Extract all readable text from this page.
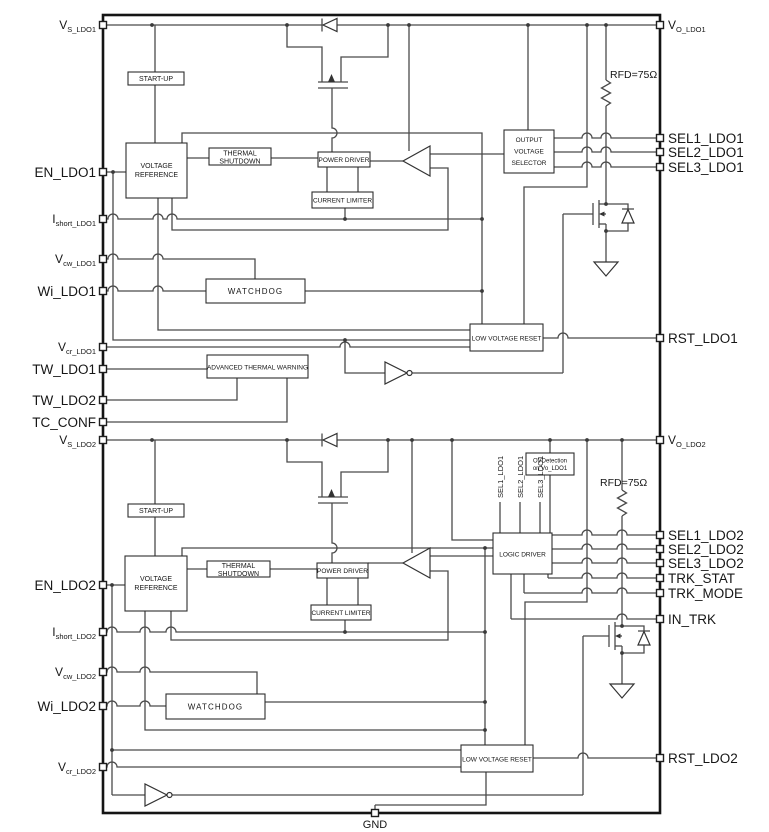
START-UP
VOLTAGE
REFERENCE
THERMAL
SHUTDOWN	POWER DRIVER
CURRENT LIMITER
OUTPUT
VOLTAGE
SELECTOR
WATCHDOG
LOW VOLTAGE RESET
ADVANCED THERMAL WARNING
START-UP
VOLTAGE
REFERENCE
THERMAL
SHUTDOWN	POWER DRIVER
CURRENT LIMITER
OVDetection
on Vo_LDO1
LOGIC DRIVER
WATCHDOG
LOW VOLTAGE RESET
SEL1_LDO1 SEL2_LDO1 SEL3_LDO1
RFD=75Ω
RFD=75Ω
$V_{S\_LDO1}$
EN_LDO1
$I_{short\_LDO1}$
$V_{cw\_LDO1}$
Wi_LDO1
$V_{cr\_LDO1}$
TW_LDO1
TW_LDO2
TC_CONF
$V_{S\_LDO2}$
EN_LDO2
$I_{short\_LDO2}$
$V_{cw\_LDO2}$
Wi_LDO2
$V_{cr\_LDO2}$
$V_{O\_LDO1}$
SEL1_LDO1
SEL2_LDO1
SEL3_LDO1
RST_LDO1
$V_{O\_LDO2}$
SEL1_LDO2
SEL2_LDO2
SEL3_LDO2
TRK_STAT
TRK_MODE
IN_TRK
RST_LDO2
GND
